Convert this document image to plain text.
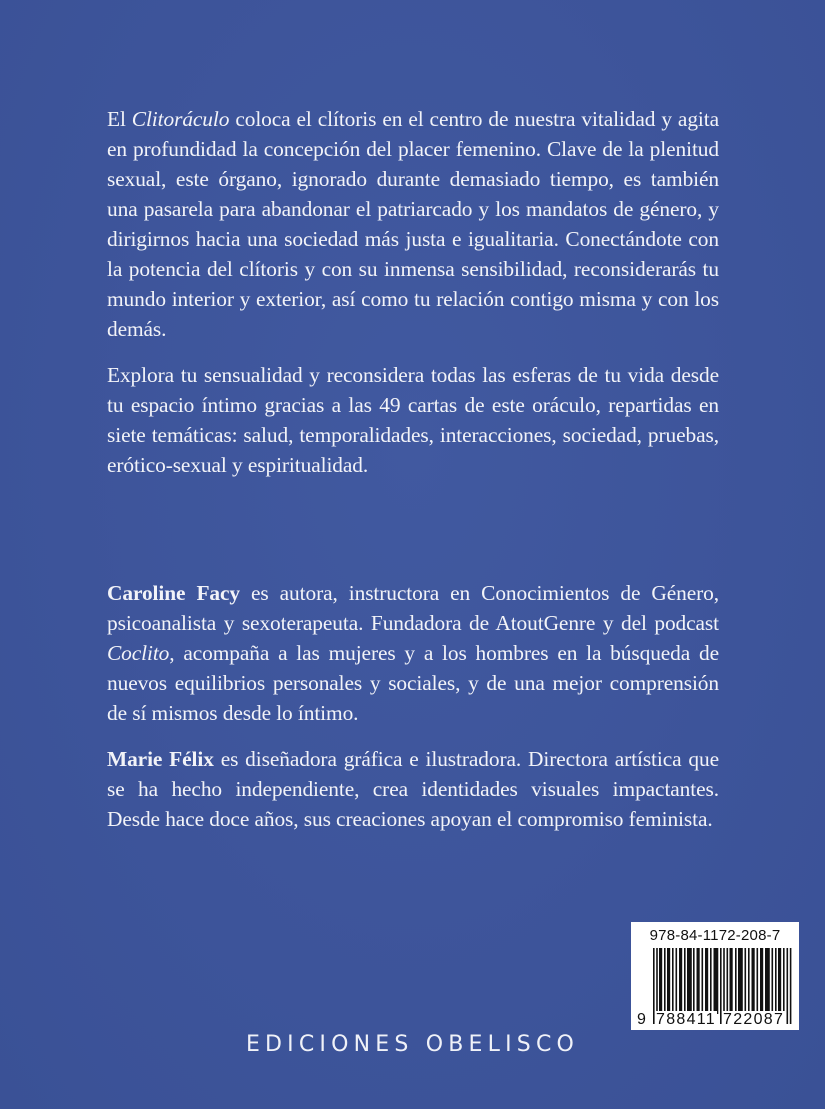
El Clitoráculo coloca el clítoris en el centro de nuestra vitalidad y agita en profundidad la concepción del placer femenino. Clave de la plenitud sexual, este órgano, ignorado durante demasiado tiempo, es también una pasarela para abandonar el patriarcado y los mandatos de género, y dirigirnos hacia una sociedad más justa e igualitaria. Conectándote con la potencia del clítoris y con su inmensa sensibilidad, reconsiderarás tu mundo interior y exterior, así como tu relación contigo misma y con los demás.

Explora tu sensualidad y reconsidera todas las esferas de tu vida desde tu espacio íntimo gracias a las 49 cartas de este oráculo, repartidas en siete temáticas: salud, temporalidades, interacciones, sociedad, pruebas, erótico-sexual y espiritualidad.

Caroline Facy es autora, instructora en Conocimientos de Género, psicoanalista y sexoterapeuta. Fundadora de AtoutGenre y del podcast Coclito, acompaña a las mujeres y a los hombres en la búsqueda de nuevos equilibrios personales y sociales, y de una mejor comprensión de sí mismos desde lo íntimo.

Marie Félix es diseñadora gráfica e ilustradora. Directora artística que se ha hecho independiente, crea identidades visuales impactantes. Desde hace doce años, sus creaciones apoyan el compromiso feminista.

978-84-1172-208-7
9 788411 722087
EDICIONES OBELISCO
